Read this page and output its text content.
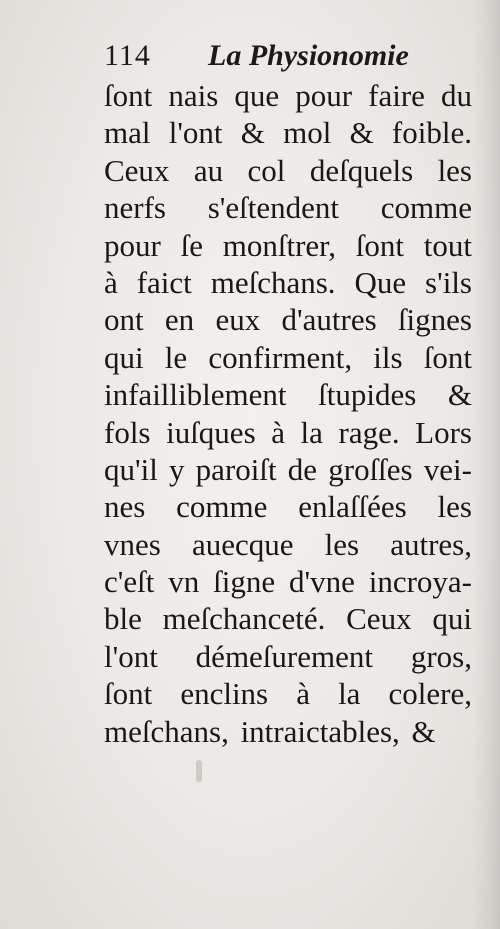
114 La Physionomie
ſont nais que pour faire du
mal l'ont & mol & foible.
Ceux au col deſquels les
nerfs s'eſtendent comme
pour ſe monſtrer, ſont tout
à faict meſchans. Que s'ils
ont en eux d'autres ſignes
qui le confirment, ils ſont
infailliblement ſtupides &
fols iuſques à la rage. Lors
qu'il y paroiſt de groſſes vei-
nes comme enlaſſées les
vnes auecque les autres,
c'eſt vn ſigne d'vne incroya-
ble meſchanceté. Ceux qui
l'ont démeſurement gros,
ſont enclins à la colere,
meſchans, intraictables, &
